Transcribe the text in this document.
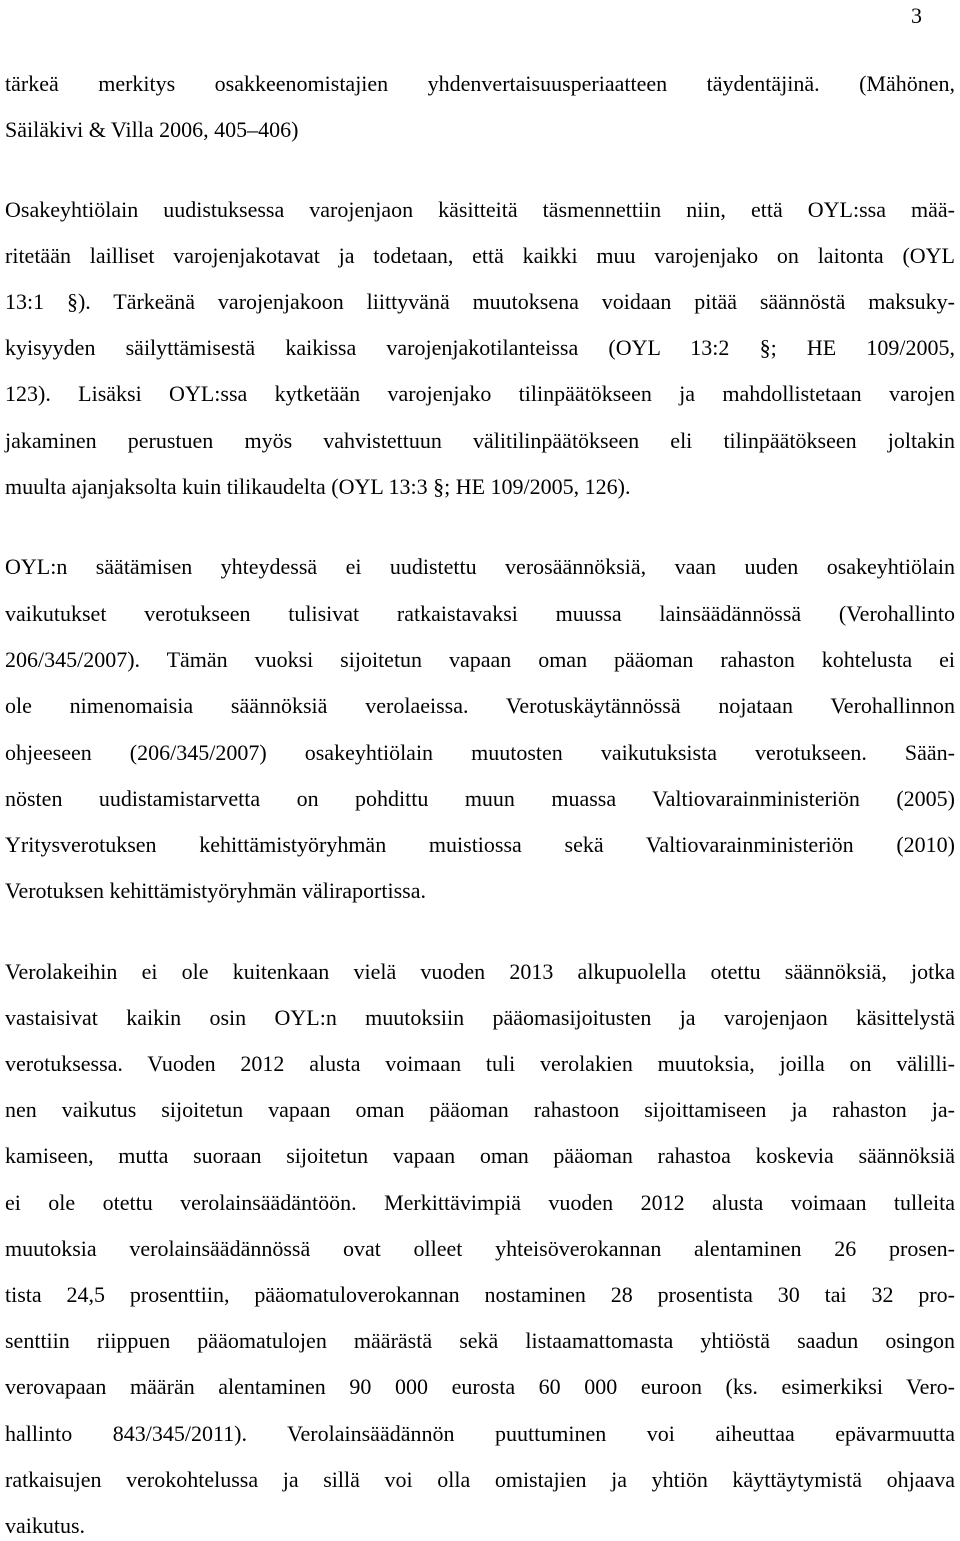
3
tärkeä merkitys osakkeenomistajien yhdenvertaisuusperiaatteen täydentäjinä. (Mähönen,
Säiläkivi & Villa 2006, 405–406)
Osakeyhtiölain uudistuksessa varojenjaon käsitteitä täsmennettiin niin, että OYL:ssa mää-
ritetään lailliset varojenjakotavat ja todetaan, että kaikki muu varojenjako on laitonta (OYL
13:1 §). Tärkeänä varojenjakoon liittyvänä muutoksena voidaan pitää säännöstä maksuky-
kyisyyden säilyttämisestä kaikissa varojenjakotilanteissa (OYL 13:2 §; HE 109/2005,
123). Lisäksi OYL:ssa kytketään varojenjako tilinpäätökseen ja mahdollistetaan varojen
jakaminen perustuen myös vahvistettuun välitilinpäätökseen eli tilinpäätökseen joltakin
muulta ajanjaksolta kuin tilikaudelta (OYL 13:3 §; HE 109/2005, 126).
OYL:n säätämisen yhteydessä ei uudistettu verosäännöksiä, vaan uuden osakeyhtiölain
vaikutukset verotukseen tulisivat ratkaistavaksi muussa lainsäädännössä (Verohallinto
206/345/2007). Tämän vuoksi sijoitetun vapaan oman pääoman rahaston kohtelusta ei
ole nimenomaisia säännöksiä verolaeissa. Verotuskäytännössä nojataan Verohallinnon
ohjeeseen (206/345/2007) osakeyhtiölain muutosten vaikutuksista verotukseen. Sään-
nösten uudistamistarvetta on pohdittu muun muassa Valtiovarainministeriön (2005)
Yritysverotuksen kehittämistyöryhmän muistiossa sekä Valtiovarainministeriön (2010)
Verotuksen kehittämistyöryhmän väliraportissa.
Verolakeihin ei ole kuitenkaan vielä vuoden 2013 alkupuolella otettu säännöksiä, jotka
vastaisivat kaikin osin OYL:n muutoksiin pääomasijoitusten ja varojenjaon käsittelystä
verotuksessa. Vuoden 2012 alusta voimaan tuli verolakien muutoksia, joilla on välilli-
nen vaikutus sijoitetun vapaan oman pääoman rahastoon sijoittamiseen ja rahaston ja-
kamiseen, mutta suoraan sijoitetun vapaan oman pääoman rahastoa koskevia säännöksiä
ei ole otettu verolainsäädäntöön. Merkittävimpiä vuoden 2012 alusta voimaan tulleita
muutoksia verolainsäädännössä ovat olleet yhteisöverokannan alentaminen 26 prosen-
tista 24,5 prosenttiin, pääomatuloverokannan nostaminen 28 prosentista 30 tai 32 pro-
senttiin riippuen pääomatulojen määrästä sekä listaamattomasta yhtiöstä saadun osingon
verovapaan määrän alentaminen 90 000 eurosta 60 000 euroon (ks. esimerkiksi Vero-
hallinto 843/345/2011). Verolainsäädännön puuttuminen voi aiheuttaa epävarmuutta
ratkaisujen verokohtelussa ja sillä voi olla omistajien ja yhtiön käyttäytymistä ohjaava
vaikutus.
